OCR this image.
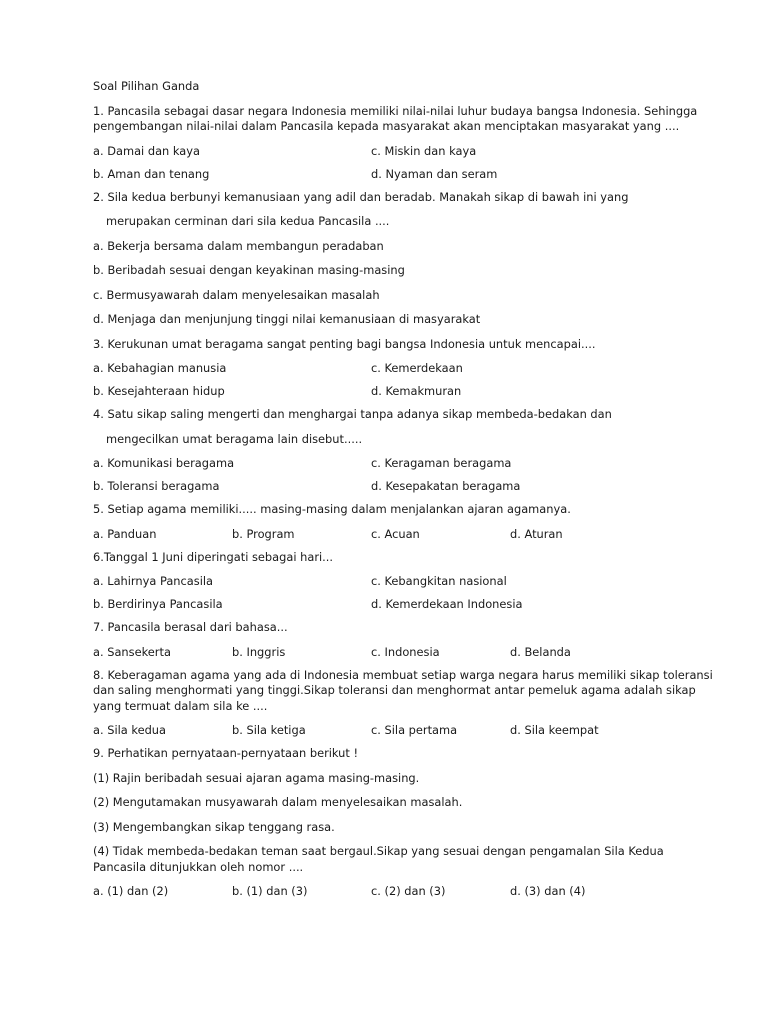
Soal Pilihan Ganda

1. Pancasila sebagai dasar negara Indonesia memiliki nilai-nilai luhur budaya bangsa Indonesia. Sehingga pengembangan nilai-nilai dalam Pancasila kepada masyarakat akan menciptakan masyarakat yang ....

a. Damai dan kaya	c. Miskin dan kaya
b. Aman dan tenang	d. Nyaman dan seram

2. Sila kedua berbunyi kemanusiaan yang adil dan beradab. Manakah sikap di bawah ini yang

merupakan cerminan dari sila kedua Pancasila ....

a. Bekerja bersama dalam membangun peradaban

b. Beribadah sesuai dengan keyakinan masing-masing

c. Bermusyawarah dalam menyelesaikan masalah

d. Menjaga dan menjunjung tinggi nilai kemanusiaan di masyarakat

3. Kerukunan umat beragama sangat penting bagi bangsa Indonesia untuk mencapai....

a. Kebahagian manusia	c. Kemerdekaan
b. Kesejahteraan hidup	d. Kemakmuran

4. Satu sikap saling mengerti dan menghargai tanpa adanya sikap membeda-bedakan dan

mengecilkan umat beragama lain disebut.....

a. Komunikasi beragama	c. Keragaman beragama
b. Toleransi beragama	d. Kesepakatan beragama

5. Setiap agama memiliki..... masing-masing dalam menjalankan ajaran agamanya.

a. Panduan	b. Program	c. Acuan	d. Aturan

6.Tanggal 1 Juni diperingati sebagai hari...

a. Lahirnya Pancasila	c. Kebangkitan nasional
b. Berdirinya Pancasila	d. Kemerdekaan Indonesia

7. Pancasila berasal dari bahasa...

a. Sansekerta	b. Inggris	c. Indonesia	d. Belanda

8. Keberagaman agama yang ada di Indonesia membuat setiap warga negara harus memiliki sikap toleransi dan saling menghormati yang tinggi.Sikap toleransi dan menghormat antar pemeluk agama adalah sikap yang termuat dalam sila ke ....

a. Sila kedua	b. Sila ketiga	c. Sila pertama	d. Sila keempat

9. Perhatikan pernyataan-pernyataan berikut !

(1) Rajin beribadah sesuai ajaran agama masing-masing.

(2) Mengutamakan musyawarah dalam menyelesaikan masalah.

(3) Mengembangkan sikap tenggang rasa.

(4) Tidak membeda-bedakan teman saat bergaul.Sikap yang sesuai dengan pengamalan Sila Kedua Pancasila ditunjukkan oleh nomor ....

a. (1) dan (2)	b. (1) dan (3)	c. (2) dan (3)	d. (3) dan (4)
